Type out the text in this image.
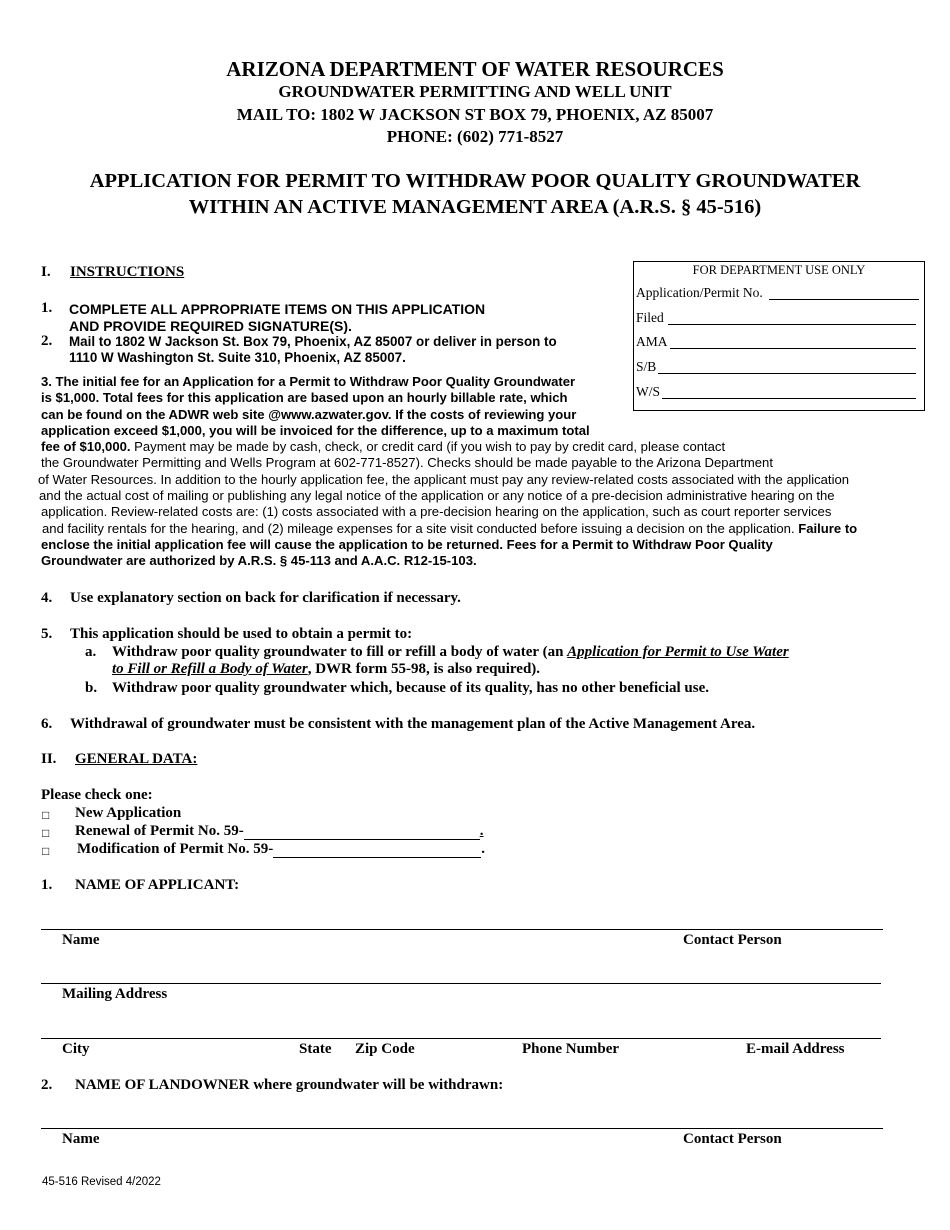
ARIZONA DEPARTMENT OF WATER RESOURCES
GROUNDWATER PERMITTING AND WELL UNIT
MAIL TO: 1802 W JACKSON ST BOX 79, PHOENIX, AZ 85007
PHONE: (602) 771-8527
APPLICATION FOR PERMIT TO WITHDRAW POOR QUALITY GROUNDWATER
WITHIN AN ACTIVE MANAGEMENT AREA (A.R.S. § 45-516)
FOR DEPARTMENT USE ONLY
Application/Permit No.
Filed
AMA
S/B
W/S
I. INSTRUCTIONS
1. COMPLETE ALL APPROPRIATE ITEMS ON THIS APPLICATION
AND PROVIDE REQUIRED SIGNATURE(S).
2. Mail to 1802 W Jackson St. Box 79, Phoenix, AZ 85007 or deliver in person to
1110 W Washington St. Suite 310, Phoenix, AZ 85007.
3. The initial fee for an Application for a Permit to Withdraw Poor Quality Groundwater
is $1,000. Total fees for this application are based upon an hourly billable rate, which
can be found on the ADWR web site @www.azwater.gov. If the costs of reviewing your
application exceed $1,000, you will be invoiced for the difference, up to a maximum total
fee of $10,000. Payment may be made by cash, check, or credit card (if you wish to pay by credit card, please contact
the Groundwater Permitting and Wells Program at 602-771-8527). Checks should be made payable to the Arizona Department
of Water Resources. In addition to the hourly application fee, the applicant must pay any review-related costs associated with the application
and the actual cost of mailing or publishing any legal notice of the application or any notice of a pre-decision administrative hearing on the
application. Review-related costs are: (1) costs associated with a pre-decision hearing on the application, such as court reporter services
and facility rentals for the hearing, and (2) mileage expenses for a site visit conducted before issuing a decision on the application. Failure to
enclose the initial application fee will cause the application to be returned. Fees for a Permit to Withdraw Poor Quality
Groundwater are authorized by A.R.S. § 45-113 and A.A.C. R12-15-103.
4. Use explanatory section on back for clarification if necessary.
5. This application should be used to obtain a permit to:
a. Withdraw poor quality groundwater to fill or refill a body of water (an Application for Permit to Use Water
to Fill or Refill a Body of Water, DWR form 55-98, is also required).
b. Withdraw poor quality groundwater which, because of its quality, has no other beneficial use.
6. Withdrawal of groundwater must be consistent with the management plan of the Active Management Area.
II. GENERAL DATA:
Please check one:
□ New Application
□ Renewal of Permit No. 59-	.
□ Modification of Permit No. 59-	.
1. NAME OF APPLICANT:
Name	Contact Person
Mailing Address
City	State Zip Code	Phone Number	E-mail Address
2. NAME OF LANDOWNER where groundwater will be withdrawn:
Name	Contact Person
45-516 Revised 4/2022
